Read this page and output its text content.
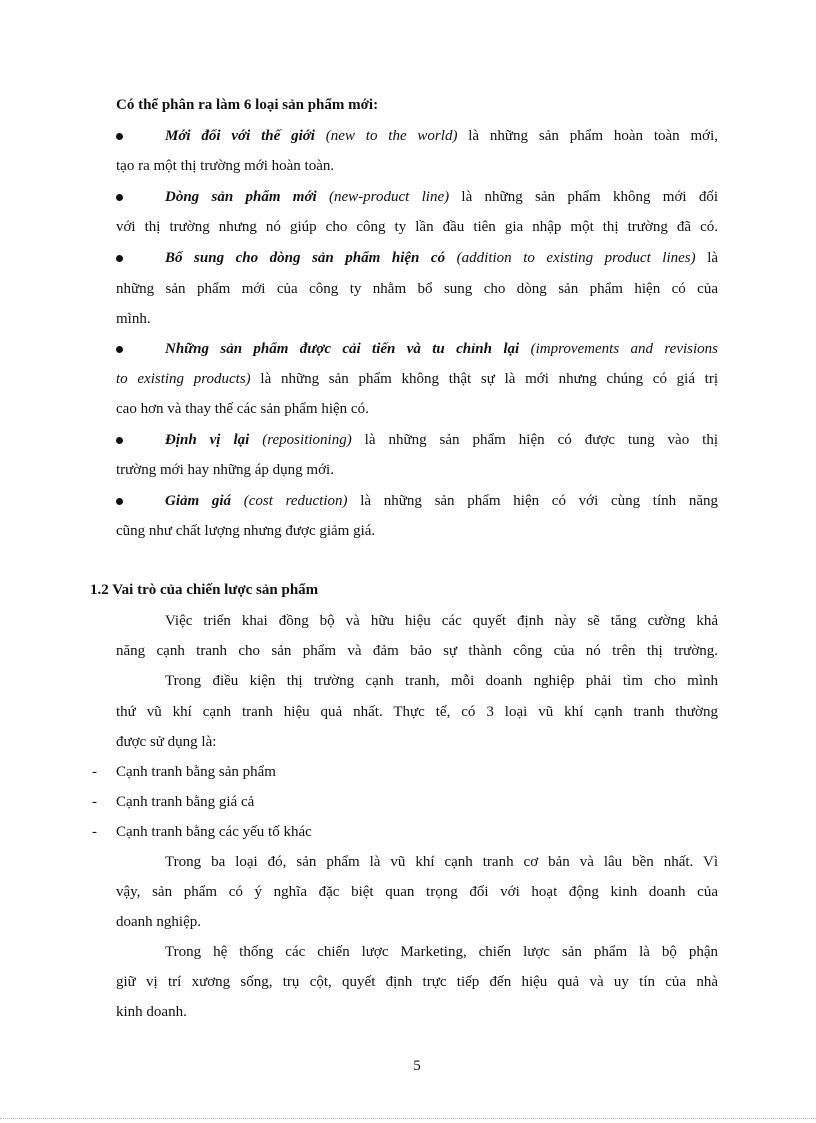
Có thể phân ra làm 6 loại sản phẩm mới:
Mới đối với thế giới (new to the world) là những sản phẩm hoàn toàn mới,
tạo ra một thị trường mới hoàn toàn.
Dòng sản phẩm mới (new-product line) là những sản phẩm không mới đối
với thị trường nhưng nó giúp cho công ty lần đầu tiên gia nhập một thị trường đã có.
Bổ sung cho dòng sản phẩm hiện có (addition to existing product lines) là
những sản phẩm mới của công ty nhằm bổ sung cho dòng sản phẩm hiện có của
mình.
Những sản phẩm được cải tiến và tu chỉnh lại (improvements and revisions
to existing products) là những sản phẩm không thật sự là mới nhưng chúng có giá trị
cao hơn và thay thế các sản phẩm hiện có.
Định vị lại (repositioning) là những sản phẩm hiện có được tung vào thị
trường mới hay những áp dụng mới.
Giảm giá (cost reduction) là những sản phẩm hiện có với cùng tính năng
cũng như chất lượng nhưng được giảm giá.
1.2 Vai trò của chiến lược sản phẩm
Việc triển khai đồng bộ và hữu hiệu các quyết định này sẽ tăng cường khả
năng cạnh tranh cho sản phẩm và đảm bảo sự thành công của nó trên thị trường.
Trong điều kiện thị trường cạnh tranh, mỗi doanh nghiệp phải tìm cho mình
thứ vũ khí cạnh tranh hiệu quả nhất. Thực tế, có 3 loại vũ khí cạnh tranh thường
được sử dụng là:
- Cạnh tranh bằng sản phẩm
- Cạnh tranh bằng giá cả
- Cạnh tranh bằng các yếu tố khác
Trong ba loại đó, sản phẩm là vũ khí cạnh tranh cơ bản và lâu bền nhất. Vì
vậy, sản phẩm có ý nghĩa đặc biệt quan trọng đối với hoạt động kinh doanh của
doanh nghiệp.
Trong hệ thống các chiến lược Marketing, chiến lược sản phẩm là bộ phận
giữ vị trí xương sống, trụ cột, quyết định trực tiếp đến hiệu quả và uy tín của nhà
kinh doanh.
5
